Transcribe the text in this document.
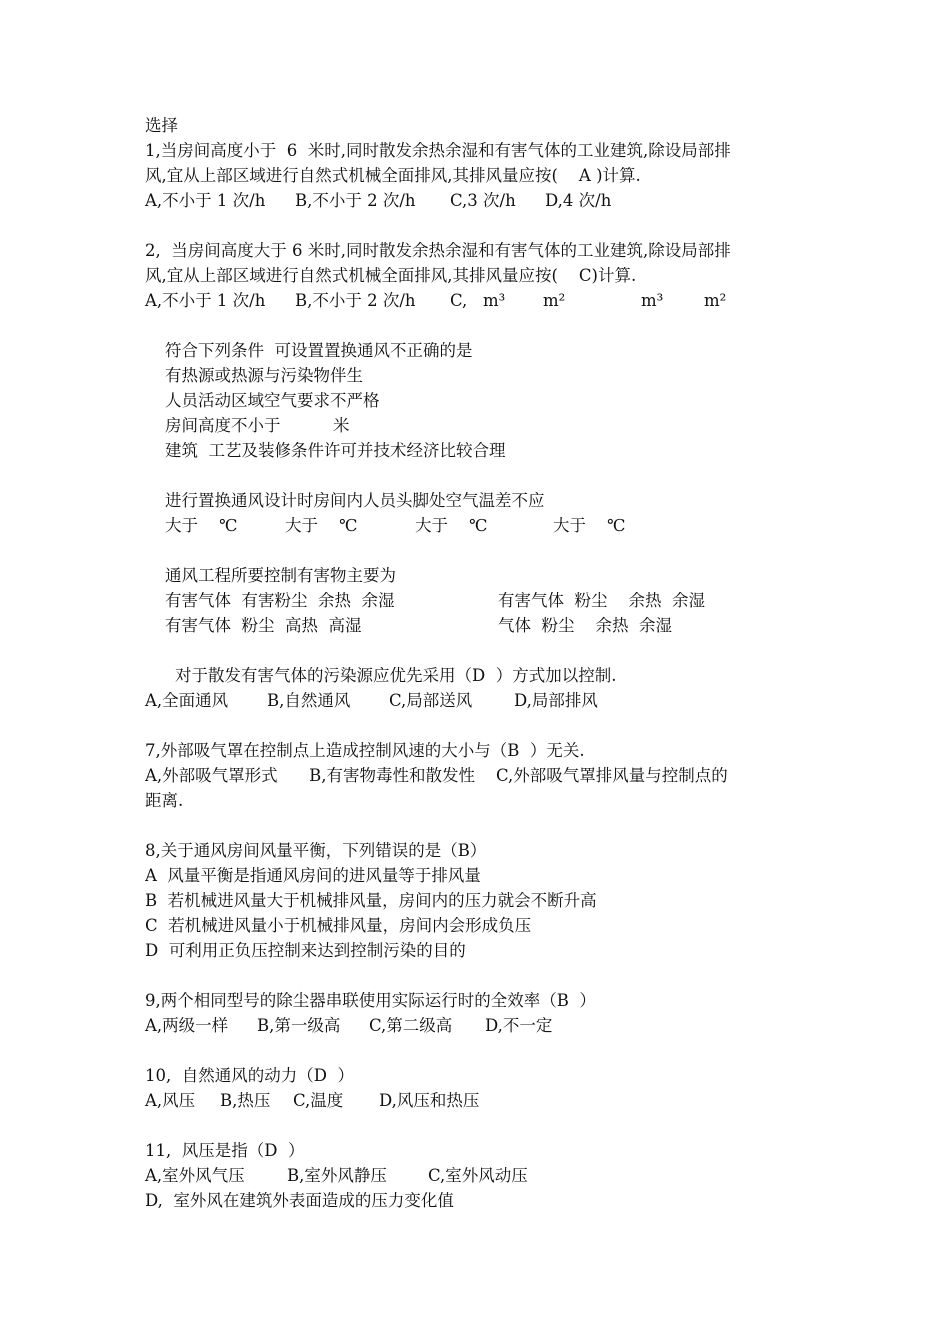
选择
1,当房间高度小于  6  米时,同时散发余热余湿和有害气体的工业建筑,除设局部排
风,宜从上部区域进行自然式机械全面排风,其排风量应按(    A )计算.
A,不小于 1 次/h	B,不小于 2 次/h	C,3 次/h	D,4 次/h
2,  当房间高度大于 6 米时,同时散发余热余湿和有害气体的工业建筑,除设局部排
风,宜从上部区域进行自然式机械全面排风,其排风量应按(    C)计算.
A,不小于 1 次/h	B,不小于 2 次/h	C,   m³	m²	m³	m²
符合下列条件  可设置置换通风不正确的是
有热源或热源与污染物伴生
人员活动区域空气要求不严格
房间高度不小于          米
建筑  工艺及装修条件许可并技术经济比较合理
进行置换通风设计时房间内人员头脚处空气温差不应
大于    ℃	大于    ℃	大于    ℃	大于    ℃
通风工程所要控制有害物主要为
有害气体  有害粉尘  余热  余湿	有害气体  粉尘    余热  余湿
有害气体  粉尘  高热  高湿	气体  粉尘    余热  余湿
对于散发有害气体的污染源应优先采用（D  ）方式加以控制.
A,全面通风	B,自然通风	C,局部送风	D,局部排风
7,外部吸气罩在控制点上造成控制风速的大小与（B  ）无关.
A,外部吸气罩形式      B,有害物毒性和散发性    C,外部吸气罩排风量与控制点的
距离.
8,关于通风房间风量平衡，下列错误的是（B）
A  风量平衡是指通风房间的进风量等于排风量
B  若机械进风量大于机械排风量，房间内的压力就会不断升高
C  若机械进风量小于机械排风量，房间内会形成负压
D  可利用正负压控制来达到控制污染的目的
9,两个相同型号的除尘器串联使用实际运行时的全效率（B  ）
A,两级一样	B,第一级高	C,第二级高	D,不一定
10,  自然通风的动力（D  ）
A,风压	B,热压	C,温度	D,风压和热压
11,  风压是指（D  ）
A,室外风气压	B,室外风静压	C,室外风动压
D,  室外风在建筑外表面造成的压力变化值
